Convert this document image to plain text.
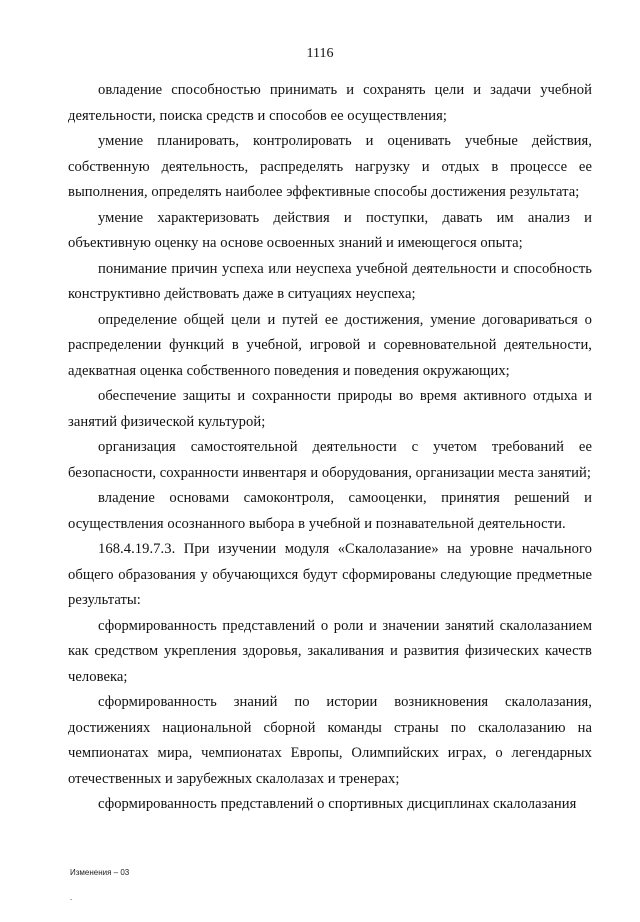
1116

овладение способностью принимать и сохранять цели и задачи учебной деятельности, поиска средств и способов ее осуществления;

умение планировать, контролировать и оценивать учебные действия, собственную деятельность, распределять нагрузку и отдых в процессе ее выполнения, определять наиболее эффективные способы достижения результата;

умение характеризовать действия и поступки, давать им анализ и объективную оценку на основе освоенных знаний и имеющегося опыта;

понимание причин успеха или неуспеха учебной деятельности и способность конструктивно действовать даже в ситуациях неуспеха;

определение общей цели и путей ее достижения, умение договариваться о распределении функций в учебной, игровой и соревновательной деятельности, адекватная оценка собственного поведения и поведения окружающих;

обеспечение защиты и сохранности природы во время активного отдыха и занятий физической культурой;

организация самостоятельной деятельности с учетом требований ее безопасности, сохранности инвентаря и оборудования, организации места занятий;

владение основами самоконтроля, самооценки, принятия решений и осуществления осознанного выбора в учебной и познавательной деятельности.

168.4.19.7.3. При изучении модуля «Скалолазание» на уровне начального общего образования у обучающихся будут сформированы следующие предметные результаты:

сформированность представлений о роли и значении занятий скалолазанием как средством укрепления здоровья, закаливания и развития физических качеств человека;

сформированность знаний по истории возникновения скалолазания, достижениях национальной сборной команды страны по скалолазанию на чемпионатах мира, чемпионатах Европы, Олимпийских играх, о легендарных отечественных и зарубежных скалолазах и тренерах;

сформированность представлений о спортивных дисциплинах скалолазания

Изменения – 03
.
